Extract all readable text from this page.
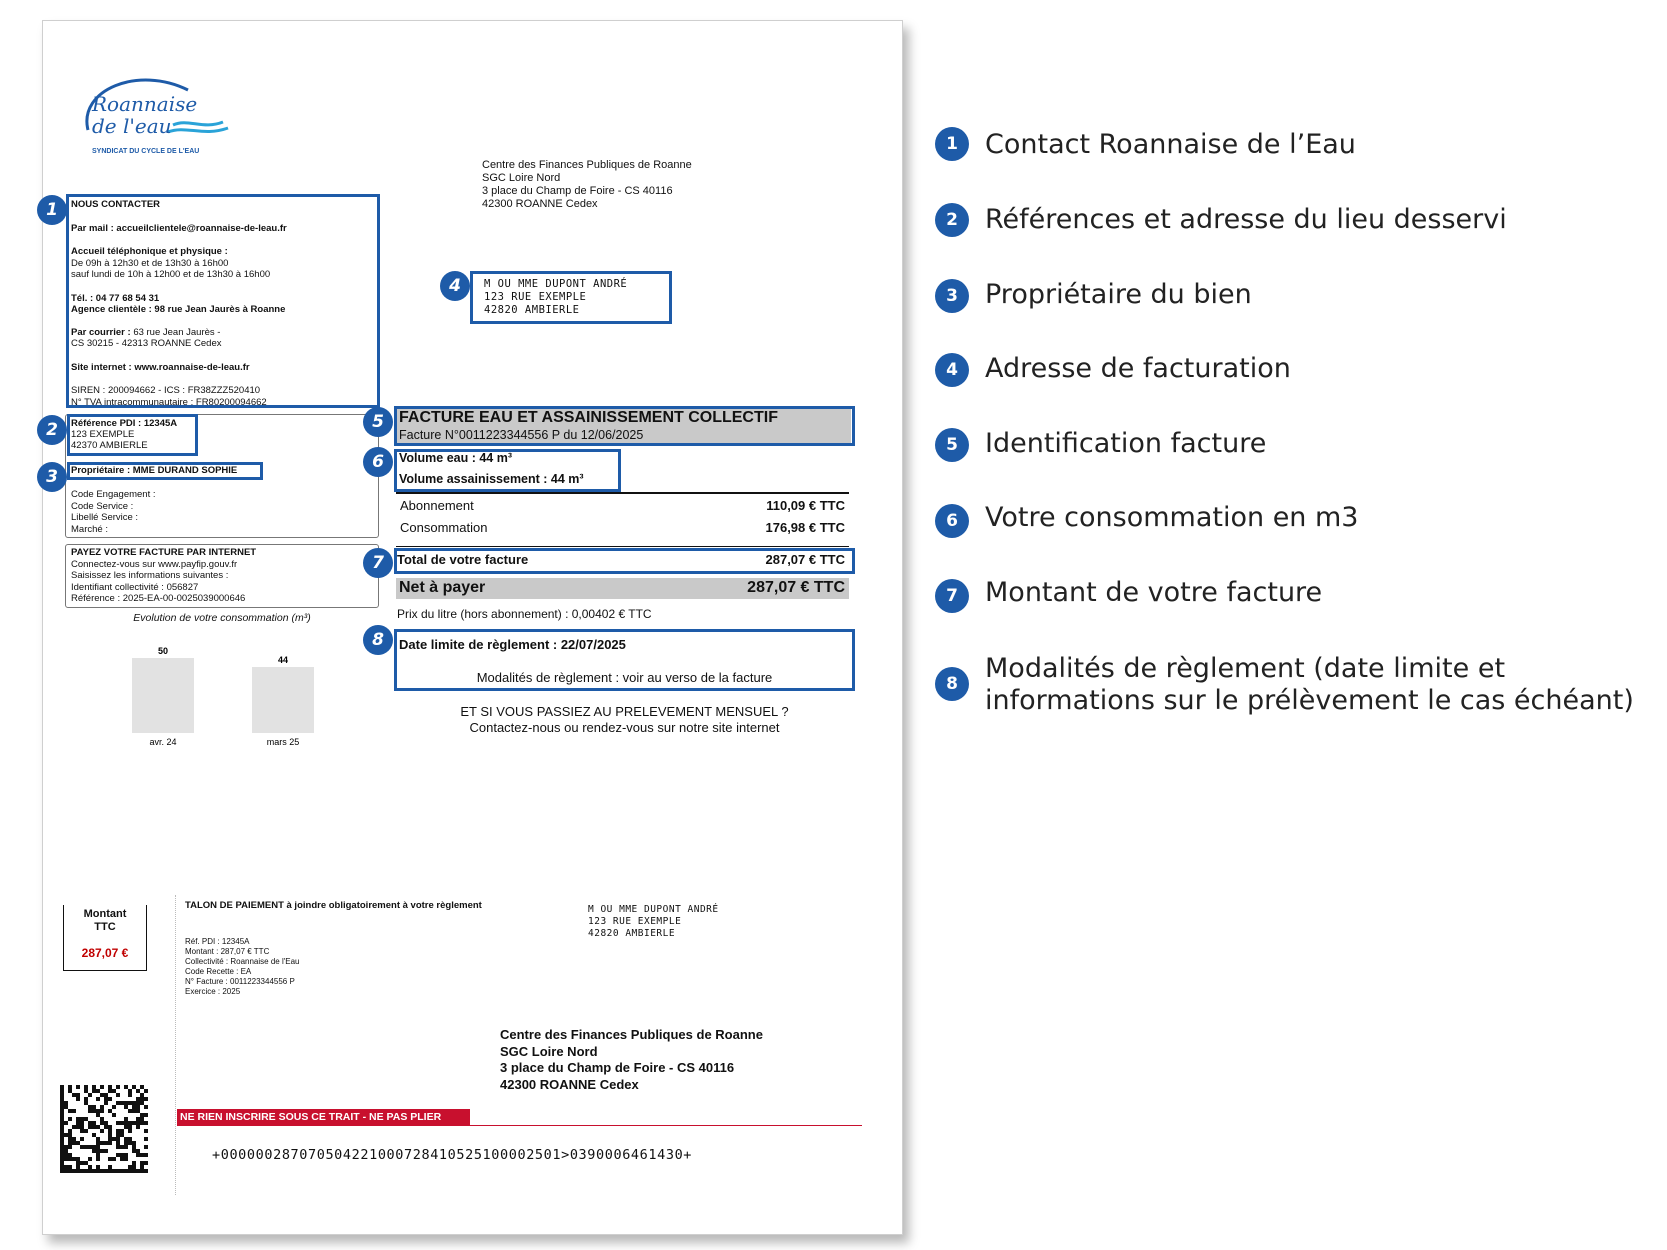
Roannaise
de l'eau
SYNDICAT DU CYCLE DE L'EAU
Centre des Finances Publiques de Roanne
SGC Loire Nord
3 place du Champ de Foire - CS 40116
42300 ROANNE Cedex
NOUS CONTACTER
Par mail : accueilclientele@roannaise-de-leau.fr
Accueil téléphonique et physique :
De 09h à 12h30 et de 13h30 à 16h00
sauf lundi de 10h à 12h00 et de 13h30 à 16h00
Tél. : 04 77 68 54 31
Agence clientèle : 98 rue Jean Jaurès à Roanne
Par courrier : 63 rue Jean Jaurès -
CS 30215 - 42313 ROANNE Cedex
Site internet : www.roannaise-de-leau.fr
SIREN : 200094662 - ICS : FR38ZZZ520410
N° TVA intracommunautaire : FR80200094662
Référence PDI : 12345A
123 EXEMPLE
42370 AMBIERLE
Propriétaire : MME DURAND SOPHIE
Code Engagement :
Code Service :
Libellé Service :
Marché :
PAYEZ VOTRE FACTURE PAR INTERNET
Connectez-vous sur www.payfip.gouv.fr
Saisissez les informations suivantes :
Identifiant collectivité : 056827
Référence : 2025-EA-00-0025039000646
Evolution de votre consommation (m³)
50
avr. 24
44
mars 25
M OU MME DUPONT ANDRÉ
123 RUE EXEMPLE
42820 AMBIERLE
FACTURE EAU ET ASSAINISSEMENT COLLECTIF
Facture N°0011223344556 P du 12/06/2025
Volume eau : 44 m³
Volume assainissement : 44 m³
Abonnement	110,09 € TTC
Consommation	176,98 € TTC
Total de votre facture	287,07 € TTC
Net à payer	287,07 € TTC
Prix du litre (hors abonnement) : 0,00402 € TTC
Date limite de règlement : 22/07/2025
Modalités de règlement : voir au verso de la facture
ET SI VOUS PASSIEZ AU PRELEVEMENT MENSUEL ?
Contactez-nous ou rendez-vous sur notre site internet
1
2
3
4
5
6
7
8
Montant
TTC
287,07 €
TALON DE PAIEMENT à joindre obligatoirement à votre règlement
Réf. PDI : 12345A
Montant : 287,07 € TTC
Collectivité : Roannaise de l'Eau
Code Recette : EA
N° Facture : 0011223344556 P
Exercice : 2025
M OU MME DUPONT ANDRÉ
123 RUE EXEMPLE
42820 AMBIERLE
Centre des Finances Publiques de Roanne
SGC Loire Nord
3 place du Champ de Foire - CS 40116
42300 ROANNE Cedex
NE RIEN INSCRIRE SOUS CE TRAIT - NE PAS PLIER
+000000287070504221000728410525100002501>0390006461430+
1	Contact Roannaise de l’Eau
2	Références et adresse du lieu desservi
3	Propriétaire du bien
4	Adresse de facturation
5	Identification facture
6	Votre consommation en m3
7	Montant de votre facture
8	Modalités de règlement (date limite et
informations sur le prélèvement le cas échéant)
